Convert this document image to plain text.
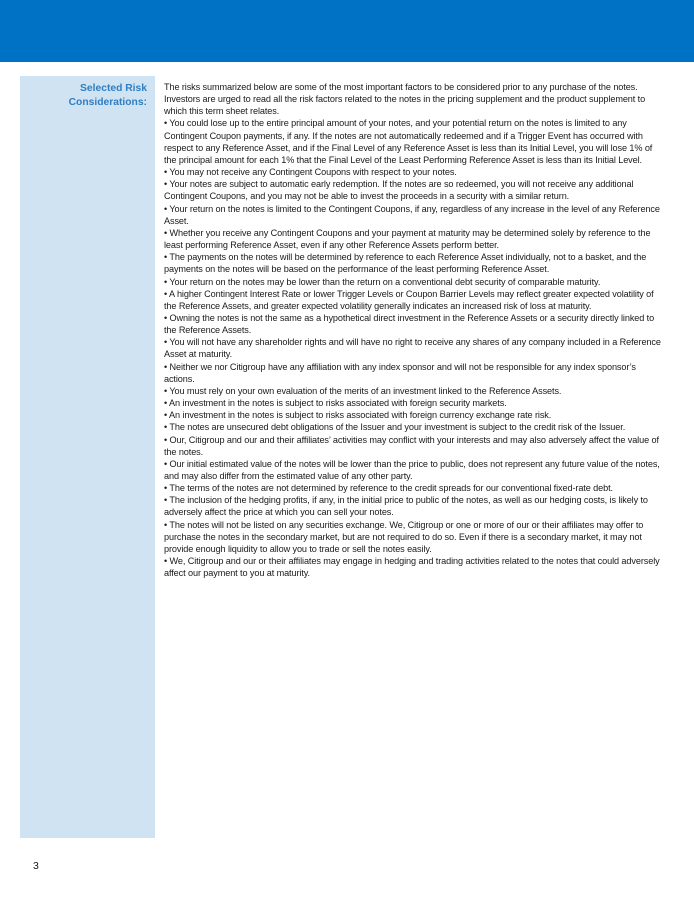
Selected Risk Considerations:

The risks summarized below are some of the most important factors to be considered prior to any purchase of the notes. Investors are urged to read all the risk factors related to the notes in the pricing supplement and the product supplement to which this term sheet relates.

• You could lose up to the entire principal amount of your notes, and your potential return on the notes is limited to any Contingent Coupon payments, if any. If the notes are not automatically redeemed and if a Trigger Event has occurred with respect to any Reference Asset, and if the Final Level of any Reference Asset is less than its Initial Level, you will lose 1% of the principal amount for each 1% that the Final Level of the Least Performing Reference Asset is less than its Initial Level.

• You may not receive any Contingent Coupons with respect to your notes.

• Your notes are subject to automatic early redemption. If the notes are so redeemed, you will not receive any additional Contingent Coupons, and you may not be able to invest the proceeds in a security with a similar return.

• Your return on the notes is limited to the Contingent Coupons, if any, regardless of any increase in the level of any Reference Asset.

• Whether you receive any Contingent Coupons and your payment at maturity may be determined solely by reference to the least performing Reference Asset, even if any other Reference Assets perform better.

• The payments on the notes will be determined by reference to each Reference Asset individually, not to a basket, and the payments on the notes will be based on the performance of the least performing Reference Asset.

• Your return on the notes may be lower than the return on a conventional debt security of comparable maturity.

• A higher Contingent Interest Rate or lower Trigger Levels or Coupon Barrier Levels may reflect greater expected volatility of the Reference Assets, and greater expected volatility generally indicates an increased risk of loss at maturity.

• Owning the notes is not the same as a hypothetical direct investment in the Reference Assets or a security directly linked to the Reference Assets.

• You will not have any shareholder rights and will have no right to receive any shares of any company included in a Reference Asset at maturity.

• Neither we nor Citigroup have any affiliation with any index sponsor and will not be responsible for any index sponsor’s actions.

• You must rely on your own evaluation of the merits of an investment linked to the Reference Assets.

• An investment in the notes is subject to risks associated with foreign security markets.

• An investment in the notes is subject to risks associated with foreign currency exchange rate risk.

• The notes are unsecured debt obligations of the Issuer and your investment is subject to the credit risk of the Issuer.

• Our, Citigroup and our and their affiliates’ activities may conflict with your interests and may also adversely affect the value of the notes.

• Our initial estimated value of the notes will be lower than the price to public, does not represent any future value of the notes, and may also differ from the estimated value of any other party.

• The terms of the notes are not determined by reference to the credit spreads for our conventional fixed-rate debt.

• The inclusion of the hedging profits, if any, in the initial price to public of the notes, as well as our hedging costs, is likely to adversely affect the price at which you can sell your notes.

• The notes will not be listed on any securities exchange. We, Citigroup or one or more of our or their affiliates may offer to purchase the notes in the secondary market, but are not required to do so. Even if there is a secondary market, it may not provide enough liquidity to allow you to trade or sell the notes easily.

• We, Citigroup and our or their affiliates may engage in hedging and trading activities related to the notes that could adversely affect our payment to you at maturity.

3
